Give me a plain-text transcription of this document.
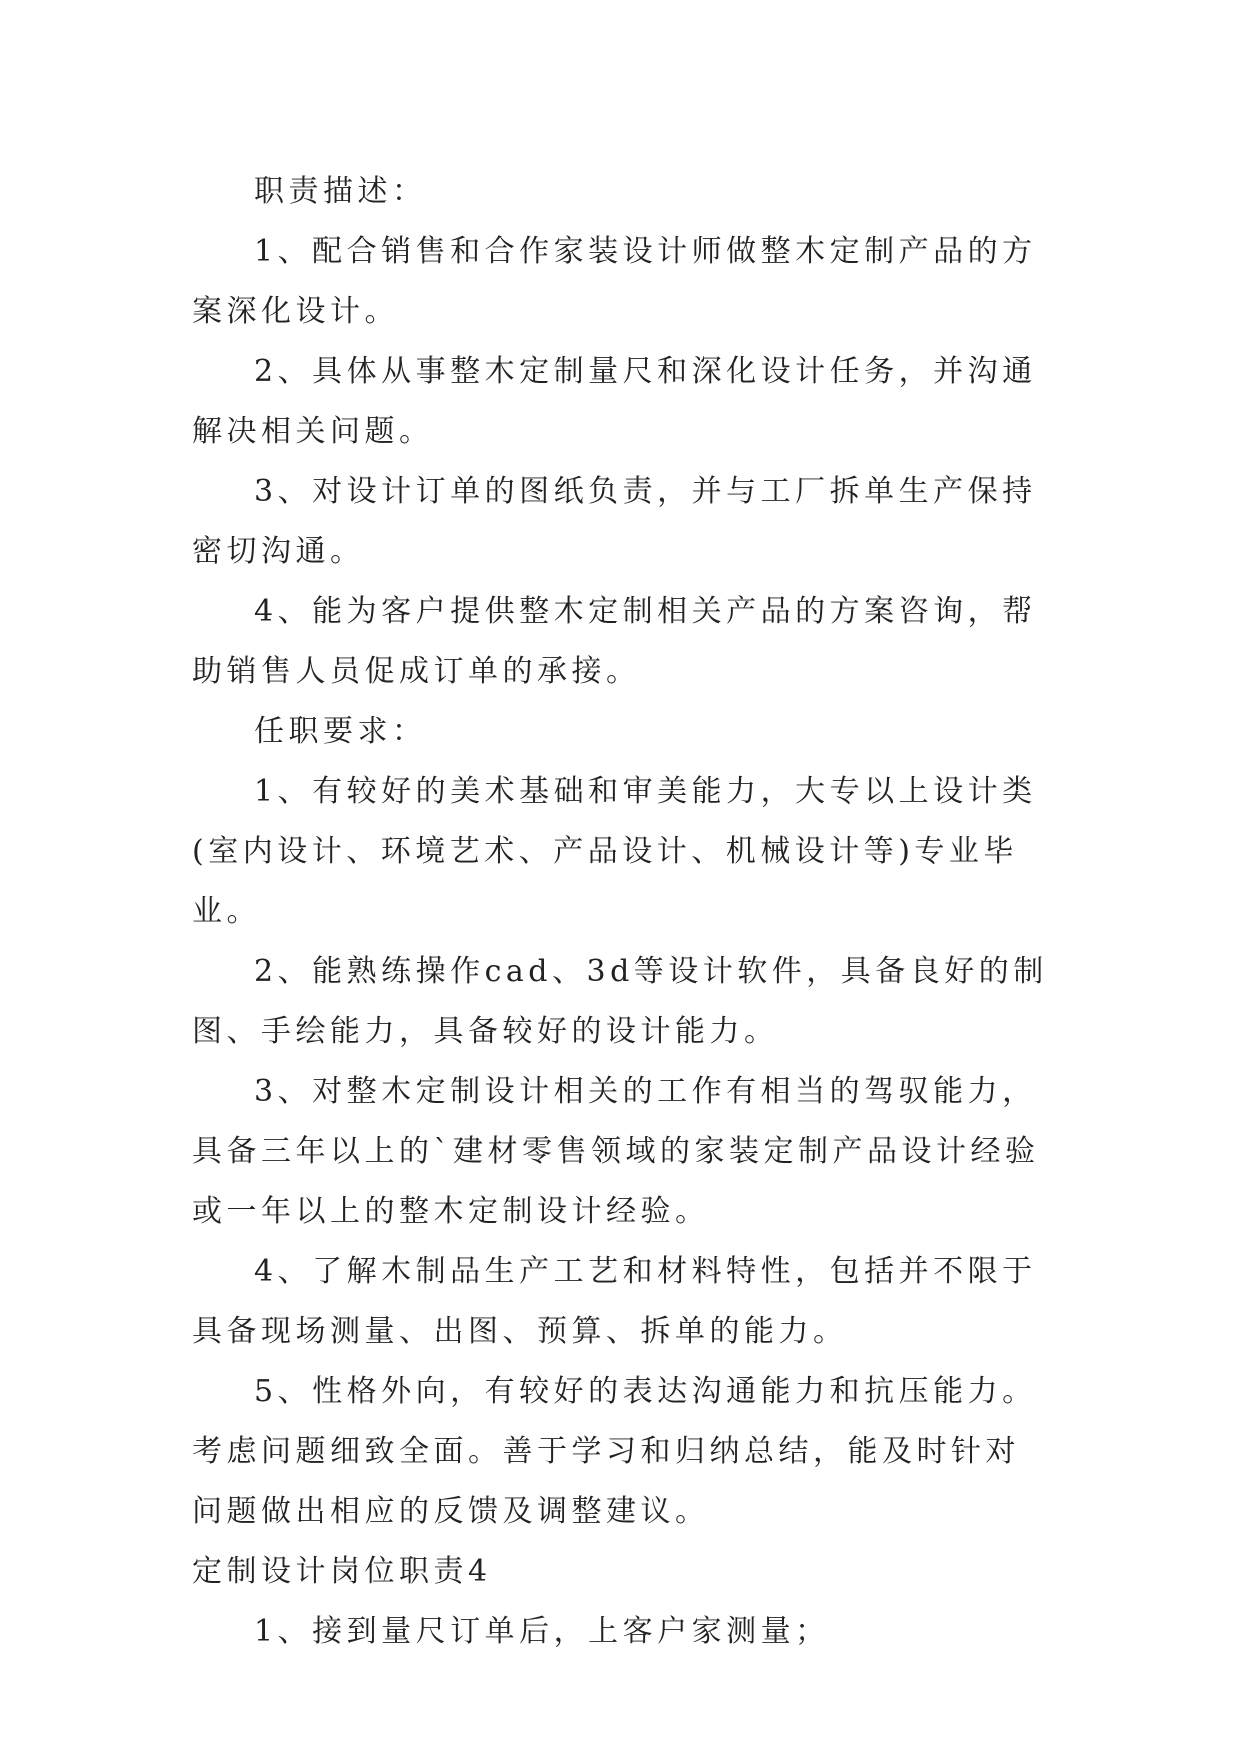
职责描述：

1、配合销售和合作家装设计师做整木定制产品的方案深化设计。

2、具体从事整木定制量尺和深化设计任务，并沟通解决相关问题。

3、对设计订单的图纸负责，并与工厂拆单生产保持密切沟通。

4、能为客户提供整木定制相关产品的方案咨询，帮助销售人员促成订单的承接。

任职要求：

1、有较好的美术基础和审美能力，大专以上设计类(室内设计、环境艺术、产品设计、机械设计等)专业毕业。

2、能熟练操作cad、3d等设计软件，具备良好的制图、手绘能力，具备较好的设计能力。

3、对整木定制设计相关的工作有相当的驾驭能力，具备三年以上的`建材零售领域的家装定制产品设计经验或一年以上的整木定制设计经验。

4、了解木制品生产工艺和材料特性，包括并不限于具备现场测量、出图、预算、拆单的能力。

5、性格外向，有较好的表达沟通能力和抗压能力。考虑问题细致全面。善于学习和归纳总结，能及时针对问题做出相应的反馈及调整建议。

定制设计岗位职责4

1、接到量尺订单后，上客户家测量；
